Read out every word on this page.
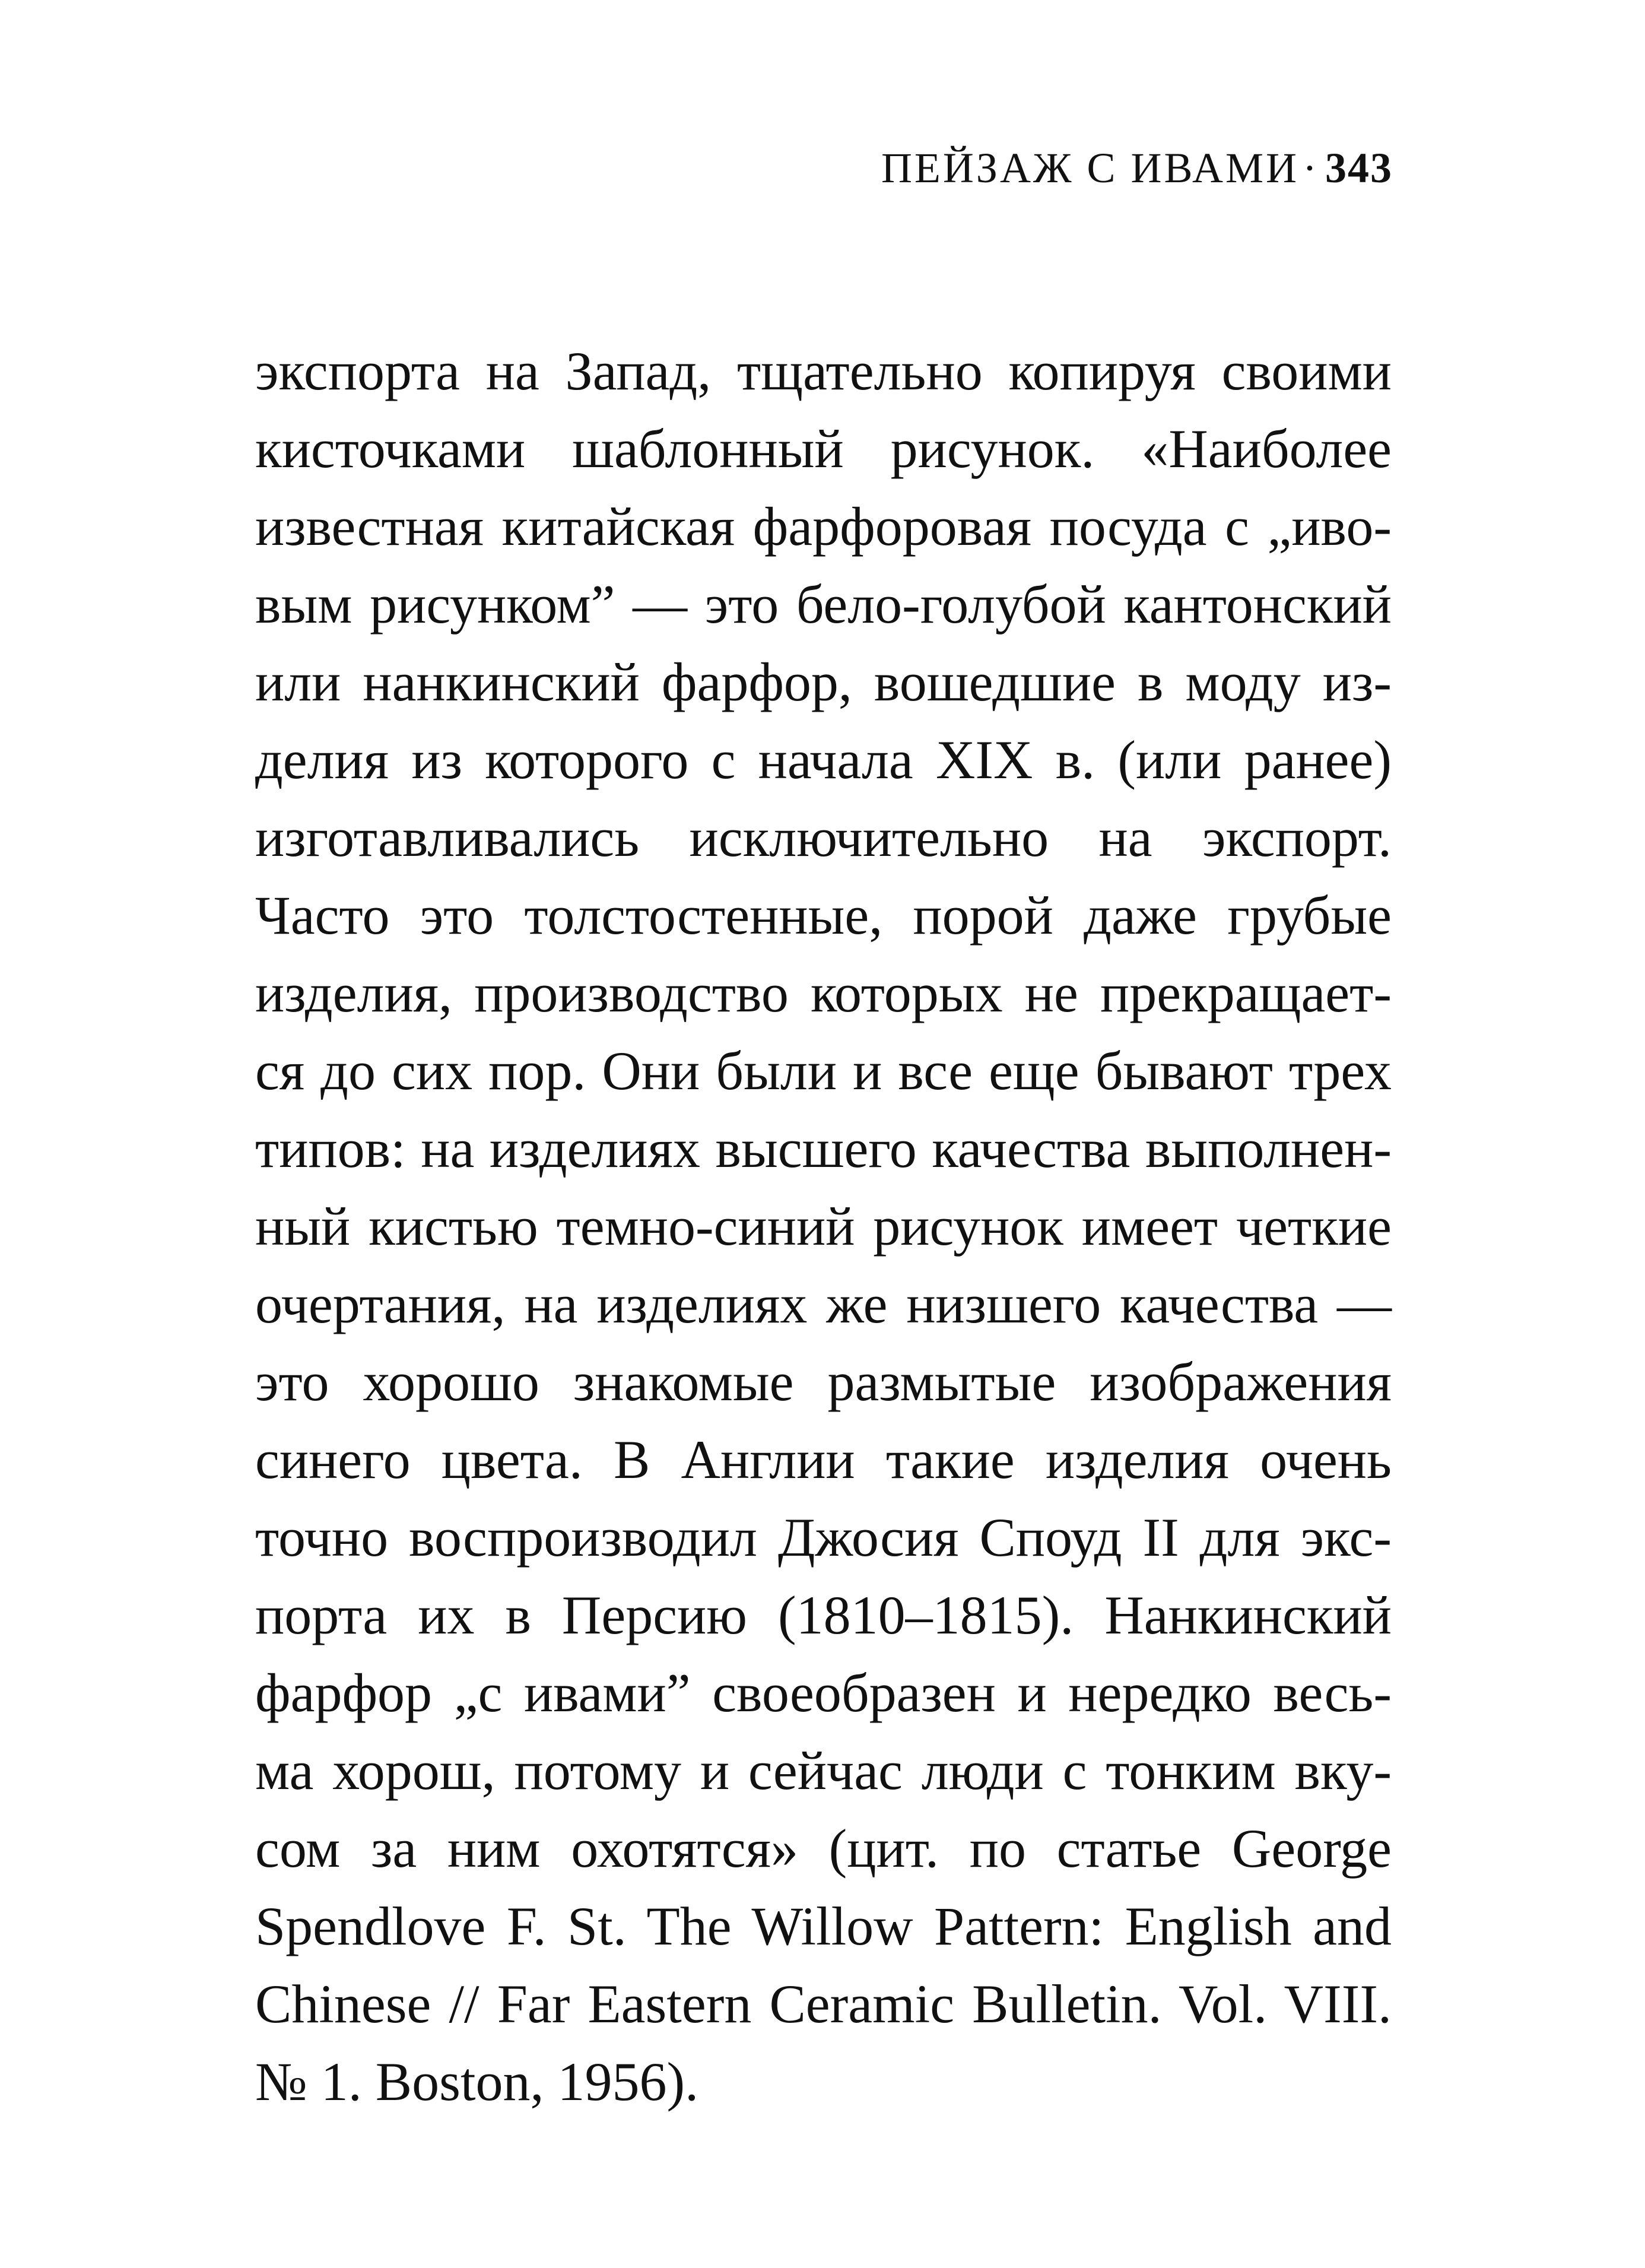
ПЕЙЗАЖ С ИВАМИ· 343
экспорта на Запад, тщательно копируя своими
кисточками шаблонный рисунок. «Наиболее
известная китайская фарфоровая посуда с „иво-
вым рисунком” — это бело-голубой кантонский
или нанкинский фарфор, вошедшие в моду из-
делия из которого с начала XIX в. (или ранее)
изготавливались исключительно на экспорт.
Часто это толстостенные, порой даже грубые
изделия, производство которых не прекращает-
ся до сих пор. Они были и все еще бывают трех
типов: на изделиях высшего качества выполнен-
ный кистью темно-синий рисунок имеет четкие
очертания, на изделиях же низшего качества —
это хорошо знакомые размытые изображения
синего цвета. В Англии такие изделия очень
точно воспроизводил Джосия Споуд II для экс-
порта их в Персию (1810–1815). Нанкинский
фарфор „с ивами” своеобразен и нередко весь-
ма хорош, потому и сейчас люди с тонким вку-
сом за ним охотятся» (цит. по статье George
Spendlove F. St. The Willow Pattern: English and
Chinese // Far Eastern Ceramic Bulletin. Vol. VIII.
№ 1. Boston, 1956).
